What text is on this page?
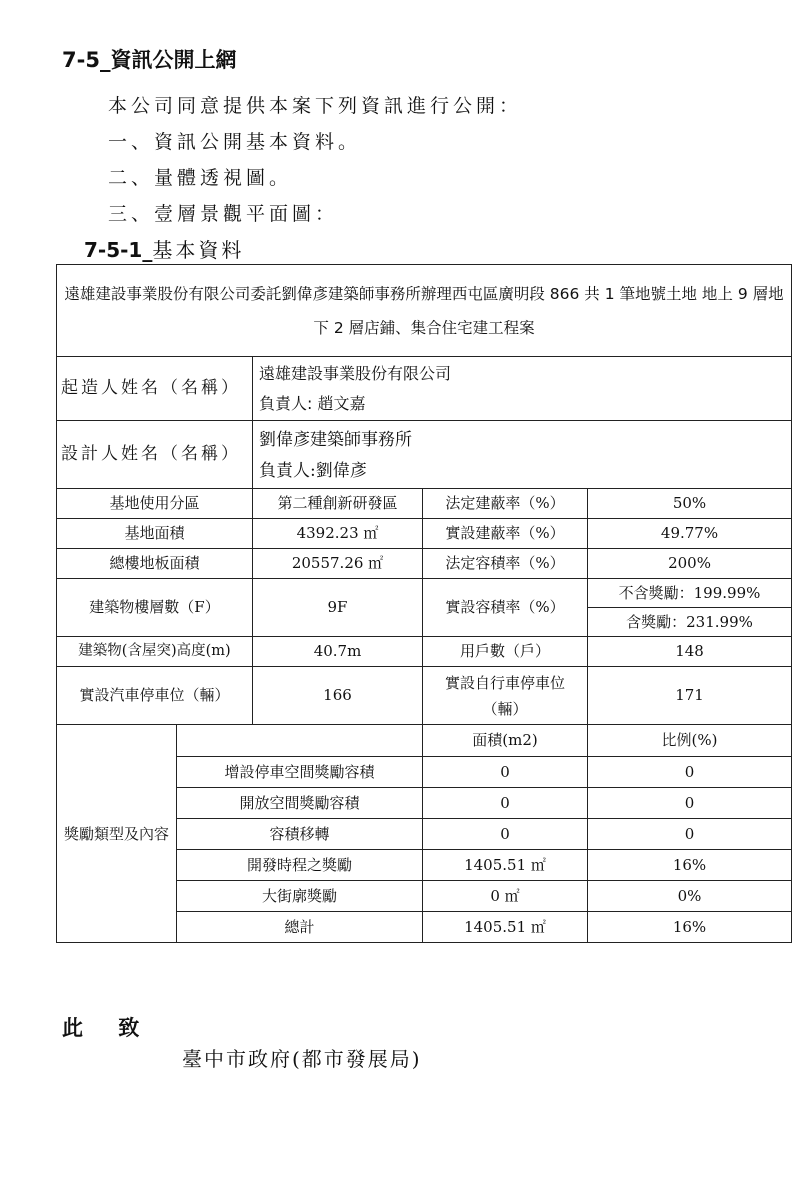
7-5_資訊公開上網
本公司同意提供本案下列資訊進行公開：
一、資訊公開基本資料。
二、量體透視圖。
三、壹層景觀平面圖：
7-5-1_基本資料
遠雄建設事業股份有限公司委託劉偉彥建築師事務所辦理西屯區廣明段 866 共 1 筆地號土地 地上 9 層地下 2 層店鋪、集合住宅建工程案				
起造人姓名（名稱）		遠雄建設事業股份有限公司
負責人: 趙文嘉		

設計人姓名（名稱）		劉偉彥建築師事務所
負責人:劉偉彥		

基地使用分區		第二種創新研發區	法定建蔽率（%）	50%
基地面積		4392.23 ㎡	實設建蔽率（%）	49.77%
總樓地板面積		20557.26 ㎡	法定容積率（%）	200%
建築物樓層數（F）		9F	實設容積率（%）	不含獎勵：199.99%
含獎勵：231.99%

建築物(含屋突)高度(m)		40.7m	用戶數（戶）	148
實設汽車停車位（輛）		166	實設自行車停車位（輛）	171
獎勵類型及內容			面積(m2)	比例(%)
	增設停車空間獎勵容積		0	0
	開放空間獎勵容積		0	0
	容積移轉		0	0
	開發時程之獎勵		1405.51 ㎡	16%
	大街廓獎勵		0 ㎡	0%
	總計		1405.51 ㎡	16%
此 致
臺中市政府(都市發展局)
